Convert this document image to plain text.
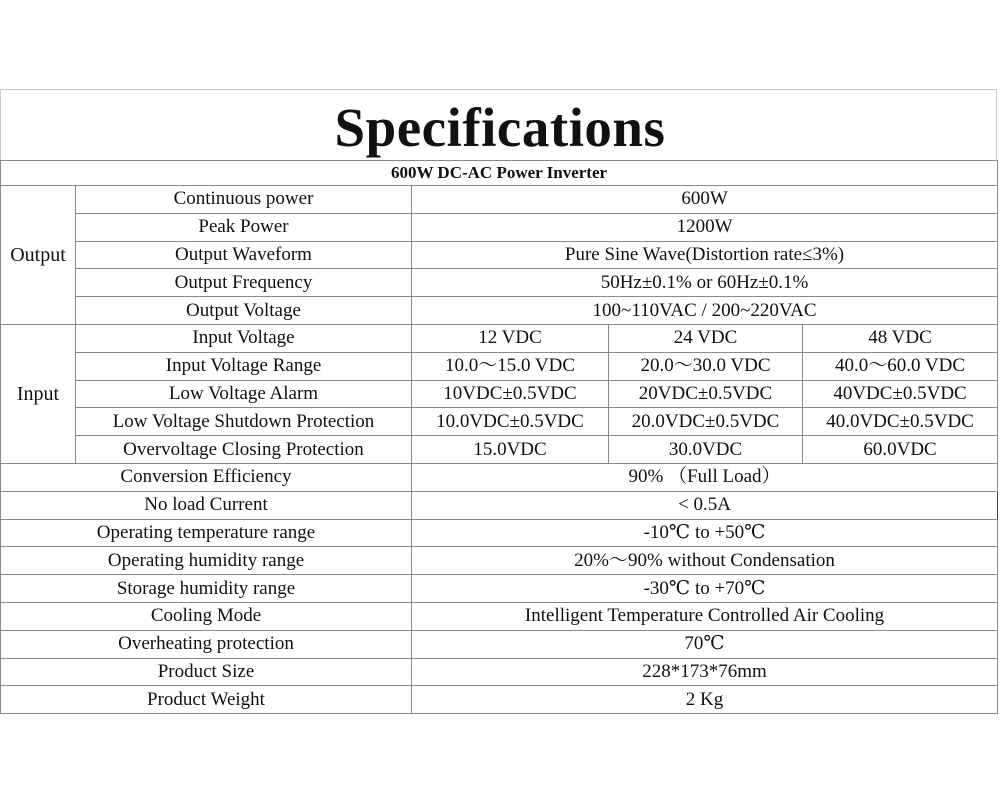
Specifications
600W DC-AC Power Inverter				
Output	Continuous power	600W		
	Peak Power	1200W		
	Output Waveform	Pure Sine Wave(Distortion rate≤3%)		
	Output Frequency	50Hz±0.1% or 60Hz±0.1%		
	Output Voltage	100~110VAC / 200~220VAC		
Input	Input Voltage	12 VDC	24 VDC	48 VDC
	Input Voltage Range	10.0～15.0 VDC	20.0～30.0 VDC	40.0～60.0 VDC
	Low Voltage Alarm	10VDC±0.5VDC	20VDC±0.5VDC	40VDC±0.5VDC
	Low Voltage Shutdown Protection	10.0VDC±0.5VDC	20.0VDC±0.5VDC	40.0VDC±0.5VDC
	Overvoltage Closing Protection	15.0VDC	30.0VDC	60.0VDC
Conversion Efficiency		90% （Full Load）		
No load Current		< 0.5A		
Operating temperature range		-10℃ to +50℃		
Operating humidity range		20%～90% without Condensation		
Storage humidity range		-30℃ to +70℃		
Cooling Mode		Intelligent Temperature Controlled Air Cooling		
Overheating protection		70℃		
Product Size		228*173*76mm		
Product Weight		2 Kg		
